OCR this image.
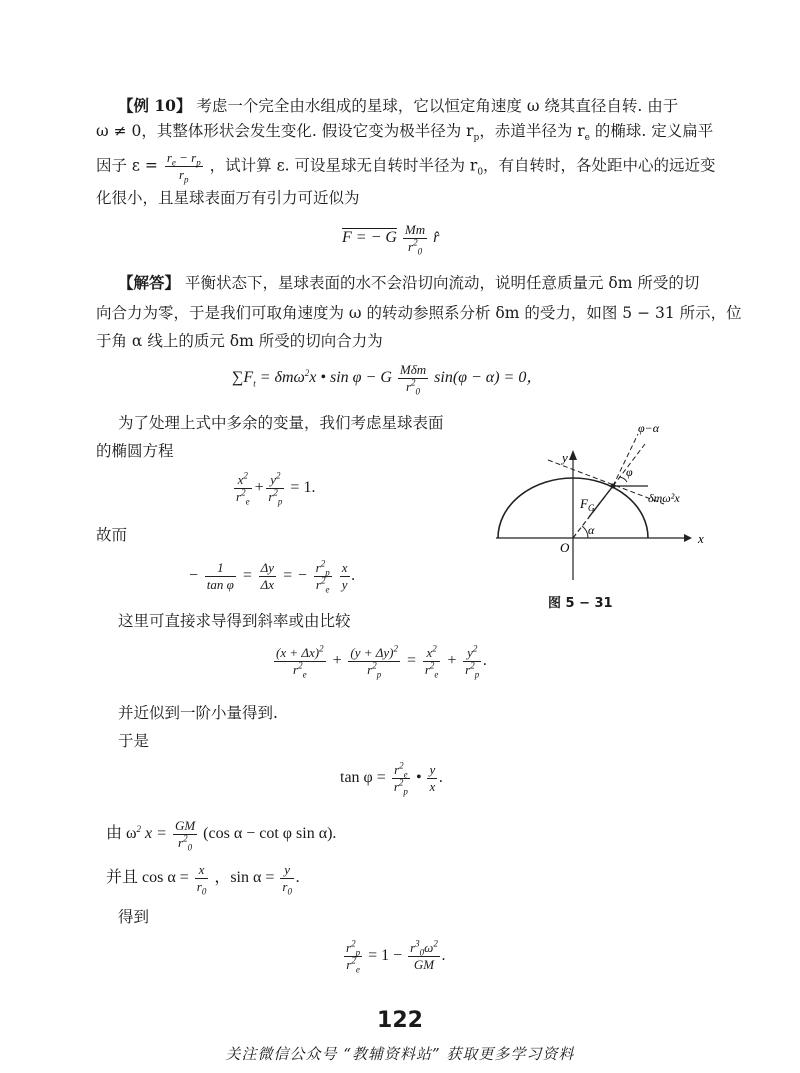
【例 10】 考虑一个完全由水组成的星球，它以恒定角速度 ω 绕其直径自转. 由于
ω ≠ 0，其整体形状会发生变化. 假设它变为极半径为 $r_p$，赤道半径为 $r_e$ 的椭球. 定义扁平
因子 $\varepsilon = \frac{r_e - r_p}{r_p}$ ，试计算 ε. 可设星球无自转时半径为 $r_0$，有自转时，各处距中心的远近变
化很小，且星球表面万有引力可近似为
F = − G $\frac{Mm}{r^2_0}$ r̂
【解答】 平衡状态下，星球表面的水不会沿切向流动，说明任意质量元 δm 所受的切
向合力为零，于是我们可取角速度为 ω 的转动参照系分析 δm 的受力，如图 5 − 31 所示，位
于角 α 线上的质元 δm 所受的切向合力为
$\sum F_t = \delta m\omega^2x$ • sin φ − G $\frac{\text{Mδm}}{r^2_0} \sin(\varphi - \alpha) = 0$，
为了处理上式中多余的变量，我们考虑星球表面
的椭圆方程
$\frac{x^2}{r^2_e} + \frac{y^2}{r^2_p} = 1$.
故而
− $\frac{1}{\text{tan φ}} = \frac{\Delta y}{\Delta x}$ = − $\frac{r^2_p}{r^2_e}$
$\frac{x}{y}$ .
这里可直接求导得到斜率或由比较
$\frac{(x + \Delta x)^2}{r^2_e} + \frac{(y + \Delta y)^2}{r^2_p} = \frac{x^2}{r^2_e} + \frac{y^2}{r^2_p}$ .
并近似到一阶小量得到.
于是
$\tan \varphi = \frac{r^2_e}{r^2_p}$ • $\frac{y}{x}$ .
由 $\omega^2$ $x = \frac{GM}{r^2_0} (\cos$ α − cot φ sin α).
并且 $\cos \alpha = \frac{x}{r_0}$ ，$\sin \alpha = \frac{y}{r_0}$ .
得到
$\frac{r^2_p}{r^2_e} = 1 - \frac{r^3_0\omega^2}{GM}$ .
y
x
O
F G
α
φ
φ−α
δmω²x
图 5 − 31
122
关注微信公众号 “教辅资料站” 获取更多学习资料
